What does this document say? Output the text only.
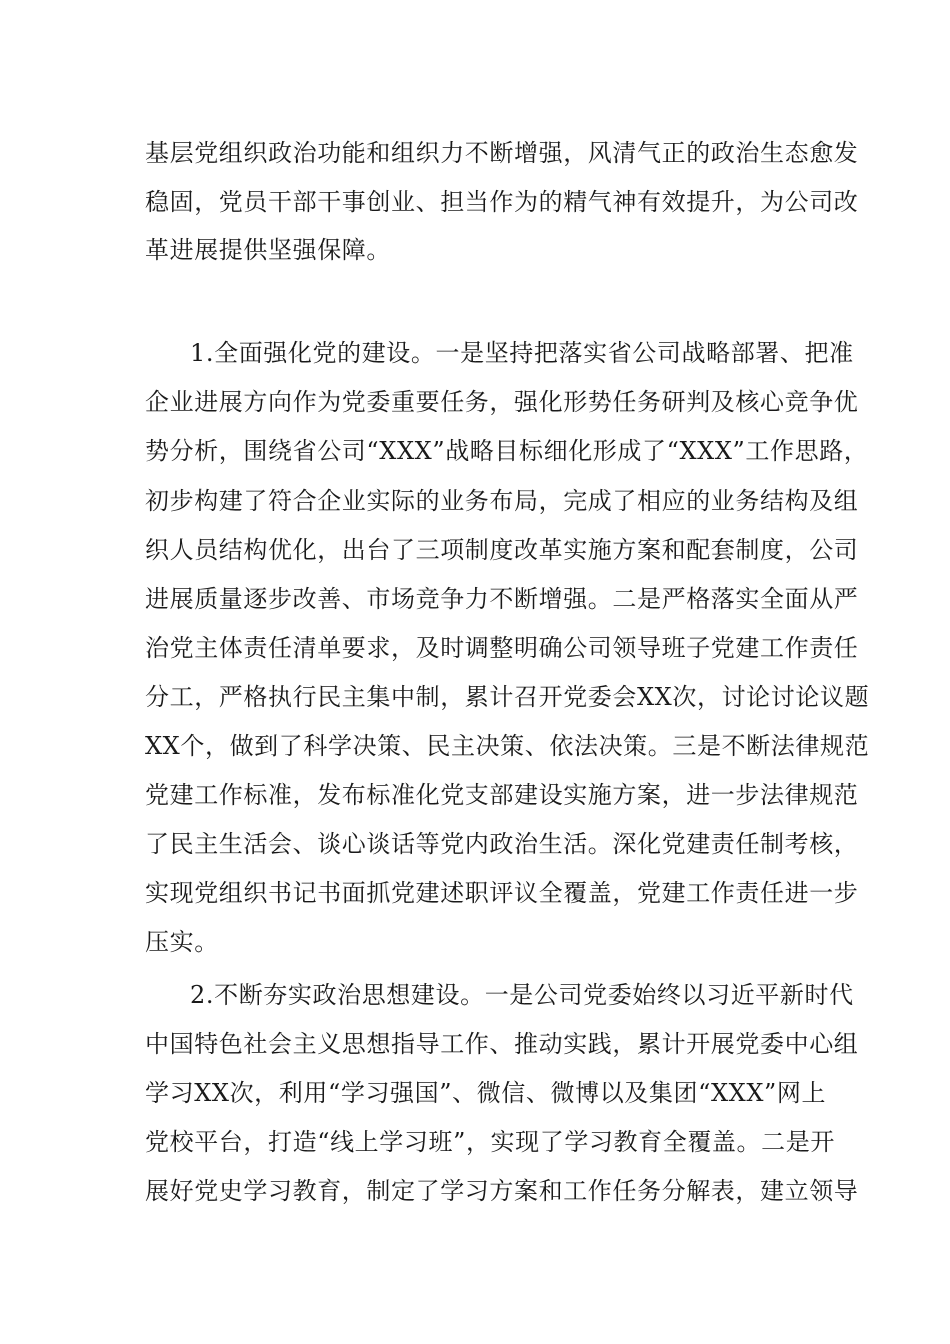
基层党组织政治功能和组织力不断增强，风清气正的政治生态愈发
稳固，党员干部干事创业、担当作为的精气神有效提升，为公司改
革进展提供坚强保障。
1.全面强化党的建设。一是坚持把落实省公司战略部署、把准
企业进展方向作为党委重要任务，强化形势任务研判及核心竞争优
势分析，围绕省公司“XXX”战略目标细化形成了“XXX”工作思路，
初步构建了符合企业实际的业务布局，完成了相应的业务结构及组
织人员结构优化，出台了三项制度改革实施方案和配套制度，公司
进展质量逐步改善、市场竞争力不断增强。二是严格落实全面从严
治党主体责任清单要求，及时调整明确公司领导班子党建工作责任
分工，严格执行民主集中制，累计召开党委会XX次，讨论讨论议题
XX个，做到了科学决策、民主决策、依法决策。三是不断法律规范
党建工作标准，发布标准化党支部建设实施方案，进一步法律规范
了民主生活会、谈心谈话等党内政治生活。深化党建责任制考核，
实现党组织书记书面抓党建述职评议全覆盖，党建工作责任进一步
压实。
2.不断夯实政治思想建设。一是公司党委始终以习近平新时代
中国特色社会主义思想指导工作、推动实践，累计开展党委中心组
学习XX次，利用“学习强国”、微信、微博以及集团“XXX”网上
党校平台，打造“线上学习班”，实现了学习教育全覆盖。二是开
展好党史学习教育，制定了学习方案和工作任务分解表，建立领导
